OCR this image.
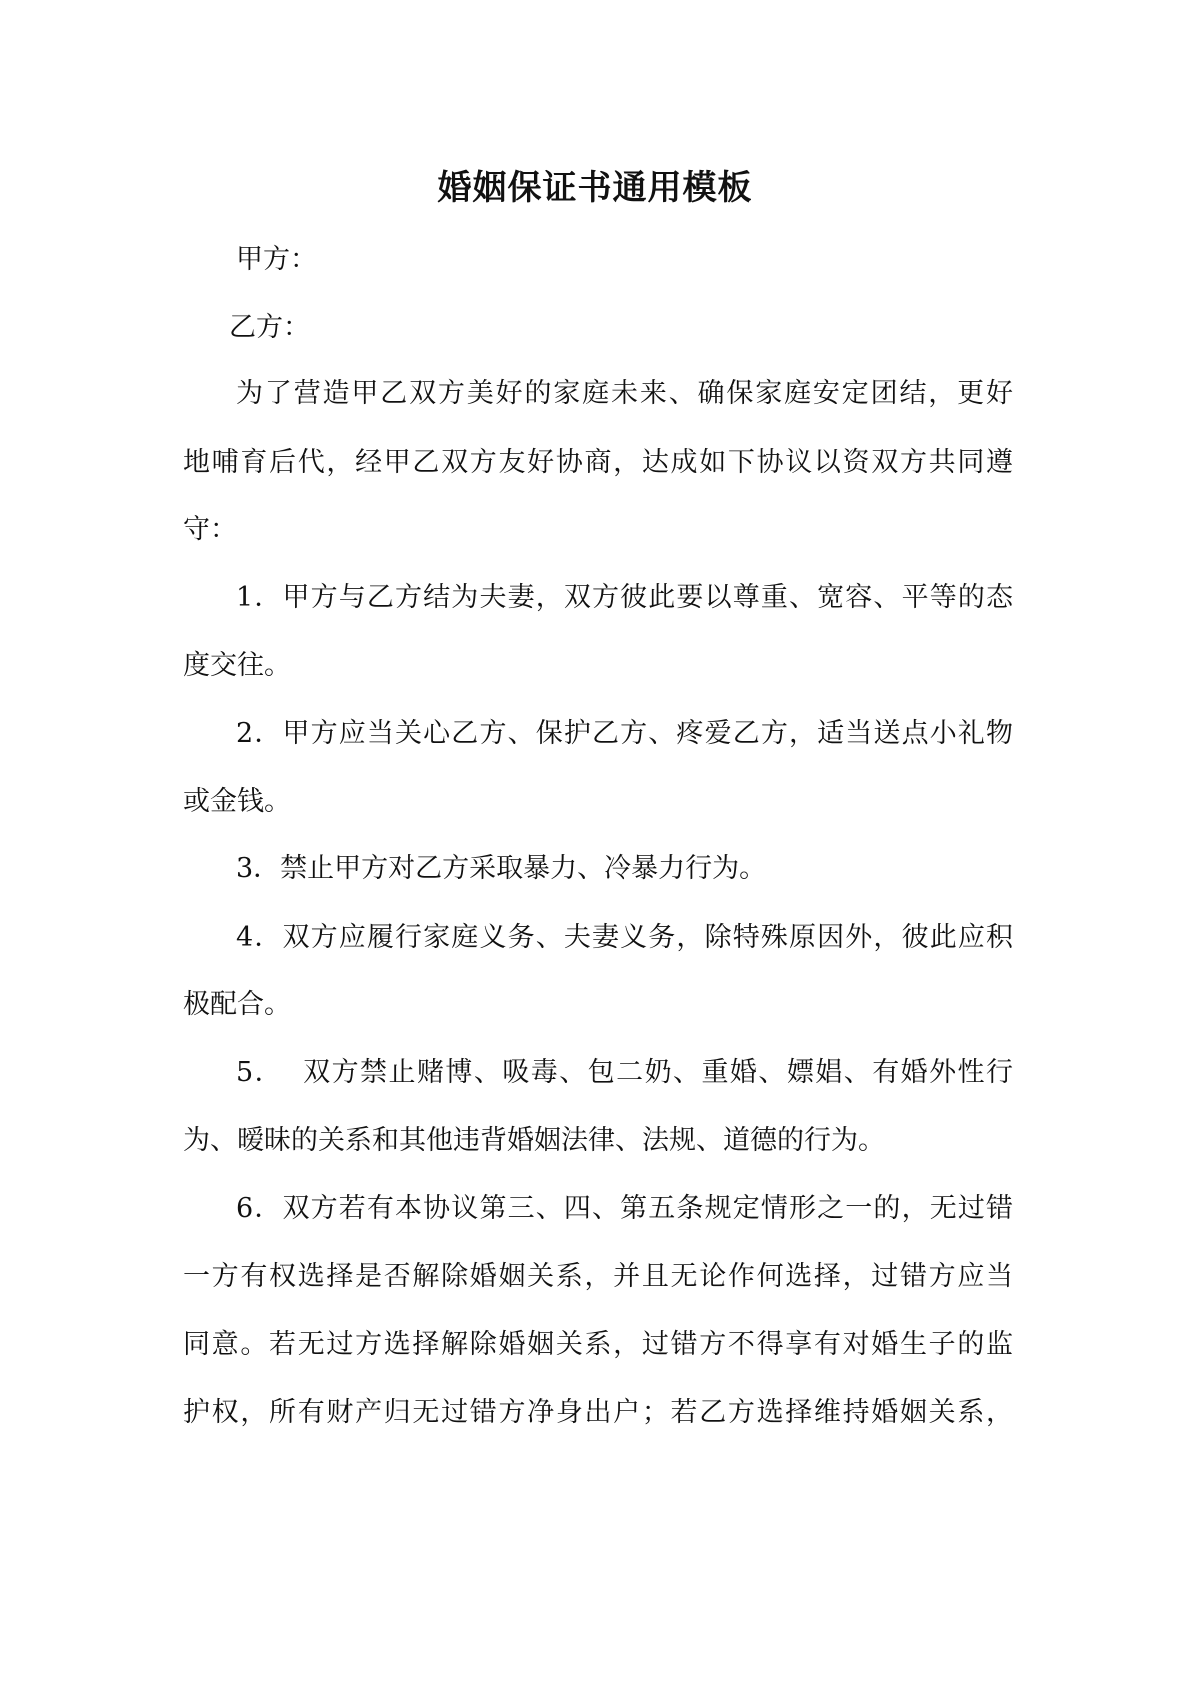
婚姻保证书通用模板
甲方：
乙方：
为了营造甲乙双方美好的家庭未来、确保家庭安定团结，更好
地哺育后代，经甲乙双方友好协商，达成如下协议以资双方共同遵
守：
1．甲方与乙方结为夫妻，双方彼此要以尊重、宽容、平等的态
度交往。
2．甲方应当关心乙方、保护乙方、疼爱乙方，适当送点小礼物
或金钱。
3．禁止甲方对乙方采取暴力、冷暴力行为。
4．双方应履行家庭义务、夫妻义务，除特殊原因外，彼此应积
极配合。
5．  双方禁止赌博、吸毒、包二奶、重婚、嫖娼、有婚外性行
为、暧昧的关系和其他违背婚姻法律、法规、道德的行为。
6．双方若有本协议第三、四、第五条规定情形之一的，无过错
一方有权选择是否解除婚姻关系，并且无论作何选择，过错方应当
同意。若无过方选择解除婚姻关系，过错方不得享有对婚生子的监
护权，所有财产归无过错方净身出户；若乙方选择维持婚姻关系，
